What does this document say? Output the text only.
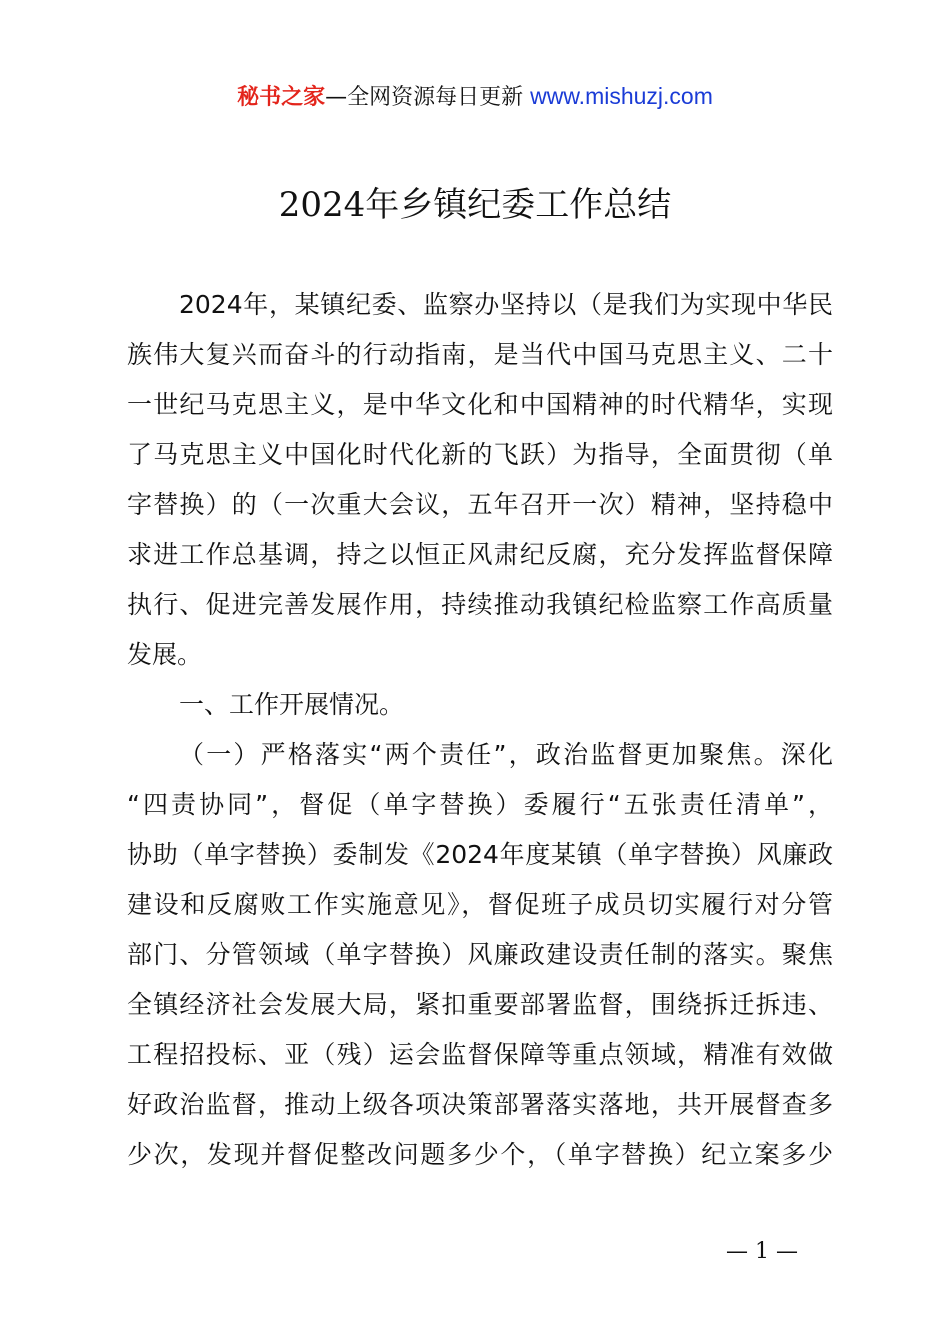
秘书之家—全网资源每日更新 www.mishuzj.com
2024年乡镇纪委工作总结
2024年，某镇纪委、监察办坚持以（是我们为实现中华民
族伟大复兴而奋斗的行动指南，是当代中国马克思主义、二十
一世纪马克思主义，是中华文化和中国精神的时代精华，实现
了马克思主义中国化时代化新的飞跃）为指导，全面贯彻（单
字替换）的（一次重大会议，五年召开一次）精神，坚持稳中
求进工作总基调，持之以恒正风肃纪反腐，充分发挥监督保障
执行、促进完善发展作用，持续推动我镇纪检监察工作高质量
发展。
一、工作开展情况。
（一）严格落实“两个责任”，政治监督更加聚焦。深化
“四责协同”，督促（单字替换）委履行“五张责任清单”，
协助（单字替换）委制发《2024年度某镇（单字替换）风廉政
建设和反腐败工作实施意见》，督促班子成员切实履行对分管
部门、分管领域（单字替换）风廉政建设责任制的落实。聚焦
全镇经济社会发展大局，紧扣重要部署监督，围绕拆迁拆违、
工程招投标、亚（残）运会监督保障等重点领域，精准有效做
好政治监督，推动上级各项决策部署落实落地，共开展督查多
少次，发现并督促整改问题多少个，（单字替换）纪立案多少
— 1 —
